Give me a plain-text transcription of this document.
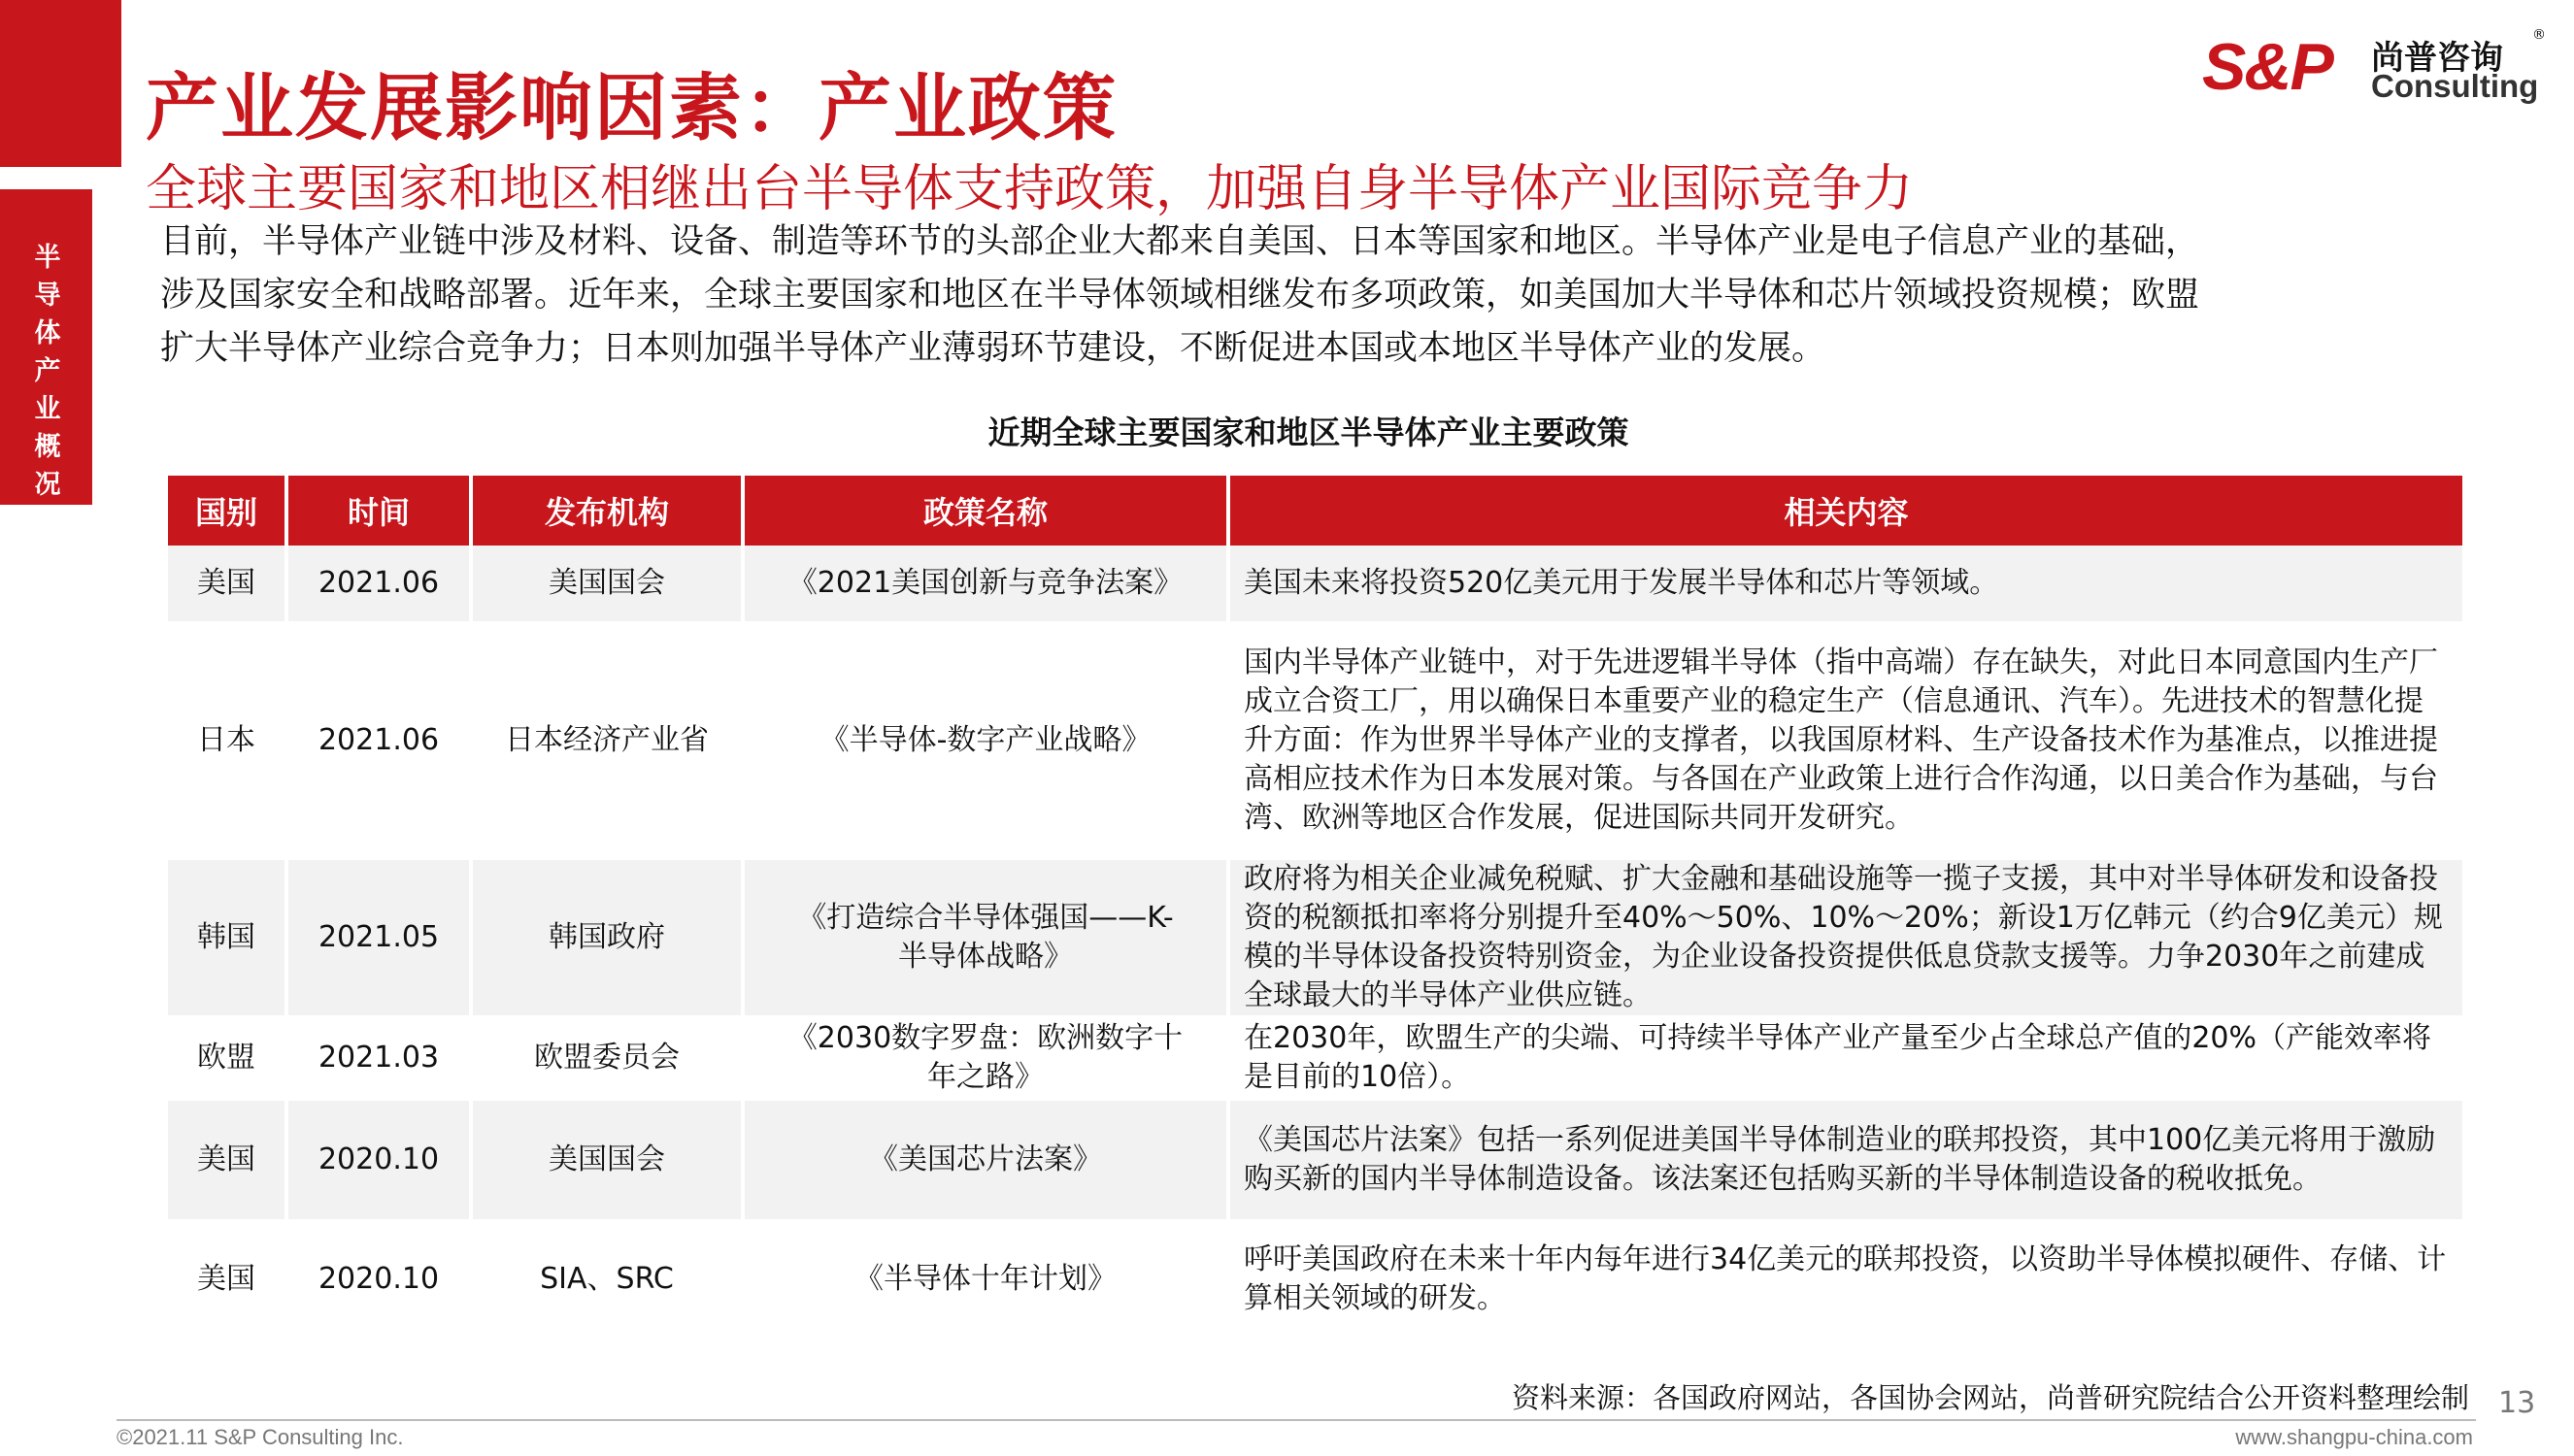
产业发展影响因素：产业政策
全球主要国家和地区相继出台半导体支持政策，加强自身半导体产业国际竞争力
半导体产业概况
S&P 尚普咨询
®
Consulting

目前，半导体产业链中涉及材料、设备、制造等环节的头部企业大都来自美国、日本等国家和地区。半导体产业是电子信息产业的基础，

涉及国家安全和战略部署。近年来，全球主要国家和地区在半导体领域相继发布多项政策，如美国加大半导体和芯片领域投资规模；欧盟

扩大半导体产业综合竞争力；日本则加强半导体产业薄弱环节建设，不断促进本国或本地区半导体产业的发展。

近期全球主要国家和地区半导体产业主要政策
国别	时间	发布机构	政策名称	相关内容
美国	2021.06	美国国会	《2021美国创新与竞争法案》	美国未来将投资520亿美元用于发展半导体和芯片等领域。
日本	2021.06	日本经济产业省	《半导体-数字产业战略》	国内半导体产业链中，对于先进逻辑半导体（指中高端）存在缺失，对此日本同意国内生产厂成立合资工厂，用以确保日本重要产业的稳定生产（信息通讯、汽车）。先进技术的智慧化提升方面：作为世界半导体产业的支撑者，以我国原材料、生产设备技术作为基准点，以推进提高相应技术作为日本发展对策。与各国在产业政策上进行合作沟通，以日美合作为基础，与台湾、欧洲等地区合作发展，促进国际共同开发研究。
韩国	2021.05	韩国政府	《打造综合半导体强国——K-半导体战略》	政府将为相关企业减免税赋、扩大金融和基础设施等一揽子支援，其中对半导体研发和设备投资的税额抵扣率将分别提升至40%～50%、10%～20%；新设1万亿韩元（约合9亿美元）规模的半导体设备投资特别资金，为企业设备投资提供低息贷款支援等。力争2030年之前建成全球最大的半导体产业供应链。
欧盟	2021.03	欧盟委员会	《2030数字罗盘：欧洲数字十年之路》	在2030年，欧盟生产的尖端、可持续半导体产业产量至少占全球总产值的20%（产能效率将是目前的10倍）。
美国	2020.10	美国国会	《美国芯片法案》	《美国芯片法案》包括一系列促进美国半导体制造业的联邦投资，其中100亿美元将用于激励购买新的国内半导体制造设备。该法案还包括购买新的半导体制造设备的税收抵免。
美国	2020.10	SIA、SRC	《半导体十年计划》	呼吁美国政府在未来十年内每年进行34亿美元的联邦投资，以资助半导体模拟硬件、存储、计算相关领域的研发。
资料来源：各国政府网站，各国协会网站，尚普研究院结合公开资料整理绘制 13
©2021.11 S&P Consulting Inc.	www.shangpu-china.com
